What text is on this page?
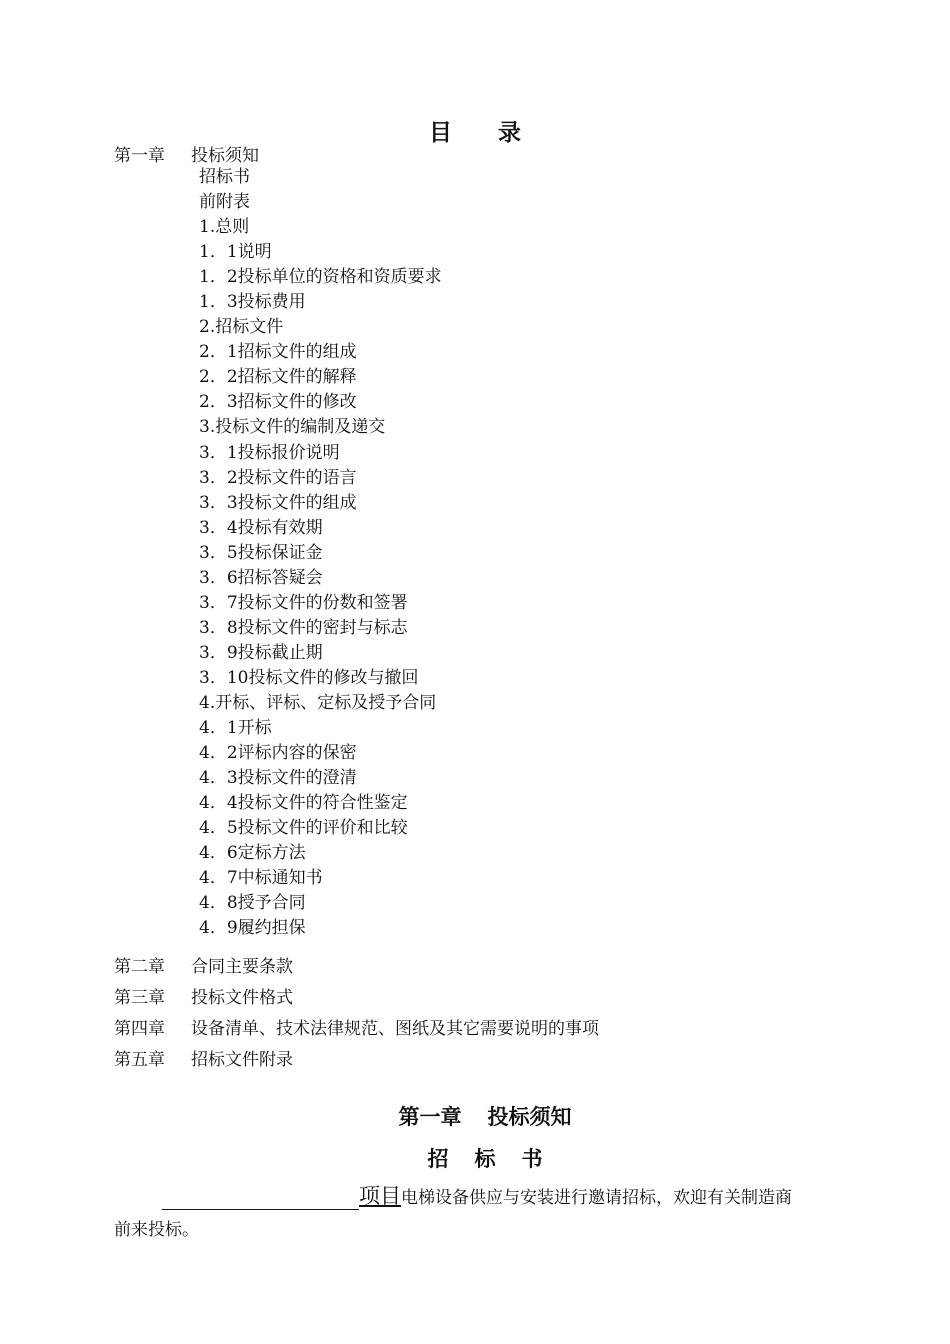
目 录
第一章 投标须知
招标书
前附表
1.总则
1．1说明
1．2投标单位的资格和资质要求
1．3投标费用
2.招标文件
2．1招标文件的组成
2．2招标文件的解释
2．3招标文件的修改
3.投标文件的编制及递交
3．1投标报价说明
3．2投标文件的语言
3．3投标文件的组成
3．4投标有效期
3．5投标保证金
3．6招标答疑会
3．7投标文件的份数和签署
3．8投标文件的密封与标志
3．9投标截止期
3．10投标文件的修改与撤回
4.开标、评标、定标及授予合同
4．1开标
4．2评标内容的保密
4．3投标文件的澄清
4．4投标文件的符合性鉴定
4．5投标文件的评价和比较
4．6定标方法
4．7中标通知书
4．8授予合同
4．9履约担保
第二章 合同主要条款
第三章 投标文件格式
第四章 设备清单、技术法律规范、图纸及其它需要说明的事项
第五章 招标文件附录
第一章 投标须知
招 标 书
项目电梯设备供应与安装进行邀请招标，欢迎有关制造商
前来投标。
